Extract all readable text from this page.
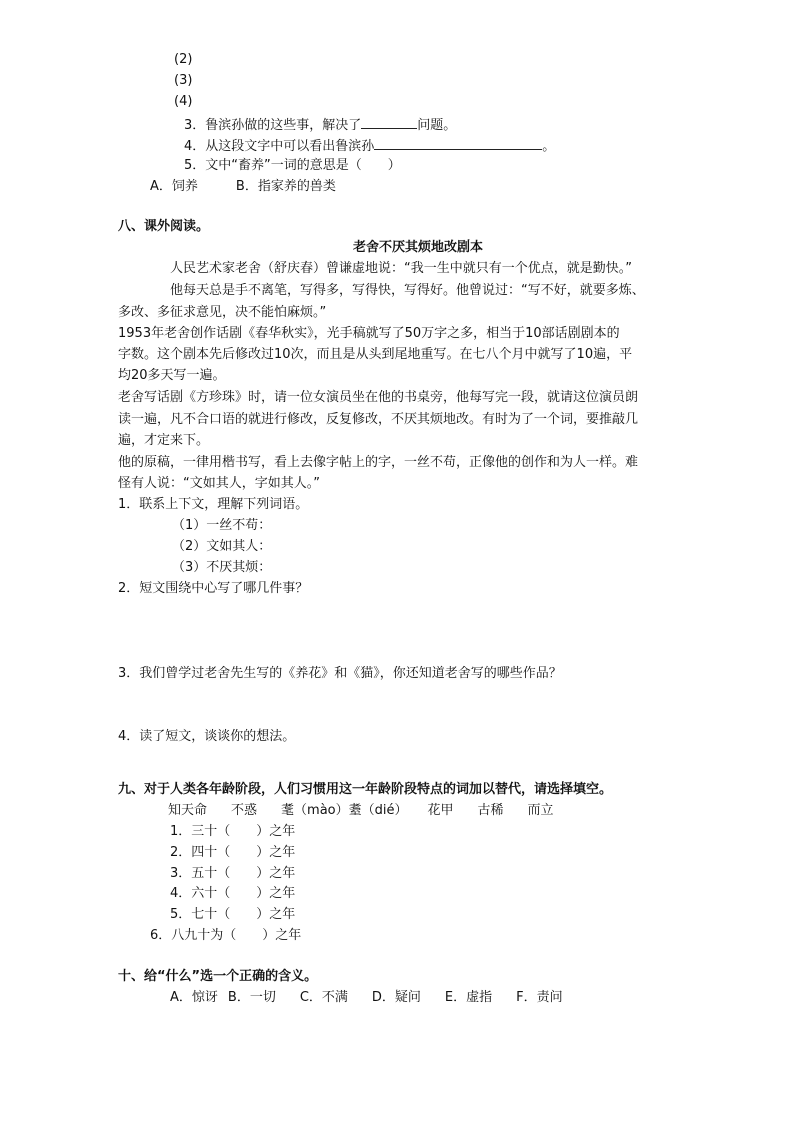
(2)
(3)
(4)
3．鲁滨孙做的这些事，解决了	问题。
4．从这段文字中可以看出鲁滨孙	。
5．文中“畜养”一词的意思是（　　）
A．饲养	B．指家养的兽类
八、课外阅读。
老舍不厌其烦地改剧本
人民艺术家老舍（舒庆春）曾谦虚地说：“我一生中就只有一个优点，就是勤快。”
他每天总是手不离笔，写得多，写得快，写得好。他曾说过：“写不好，就要多炼、
多改、多征求意见，决不能怕麻烦。”
1953年老舍创作话剧《春华秋实》，光手稿就写了50万字之多，相当于10部话剧剧本的
字数。这个剧本先后修改过10次，而且是从头到尾地重写。在七八个月中就写了10遍，平
均20多天写一遍。
老舍写话剧《方珍珠》时，请一位女演员坐在他的书桌旁，他每写完一段，就请这位演员朗
读一遍，凡不合口语的就进行修改，反复修改，不厌其烦地改。有时为了一个词，要推敲几
遍，才定来下。
他的原稿，一律用楷书写，看上去像字帖上的字，一丝不苟，正像他的创作和为人一样。难
怪有人说：“文如其人，字如其人。”
1．联系上下文，理解下列词语。
（1）一丝不苟：
（2）文如其人：
（3）不厌其烦：
2．短文围绕中心写了哪几件事？
3．我们曾学过老舍先生写的《养花》和《猫》，你还知道老舍写的哪些作品？
4．读了短文，谈谈你的想法。
九、对于人类各年龄阶段，人们习惯用这一年龄阶段特点的词加以替代，请选择填空。
知天命 不惑 耄（mào）耋（dié） 花甲 古稀 而立
1．三十（　　）之年
2．四十（　　）之年
3．五十（　　）之年
4．六十（　　）之年
5．七十（　　）之年
6．八九十为（　　）之年
十、给“什么”选一个正确的含义。
A．惊讶 B．一切 C．不满 D．疑问 E．虚指 F．责问
